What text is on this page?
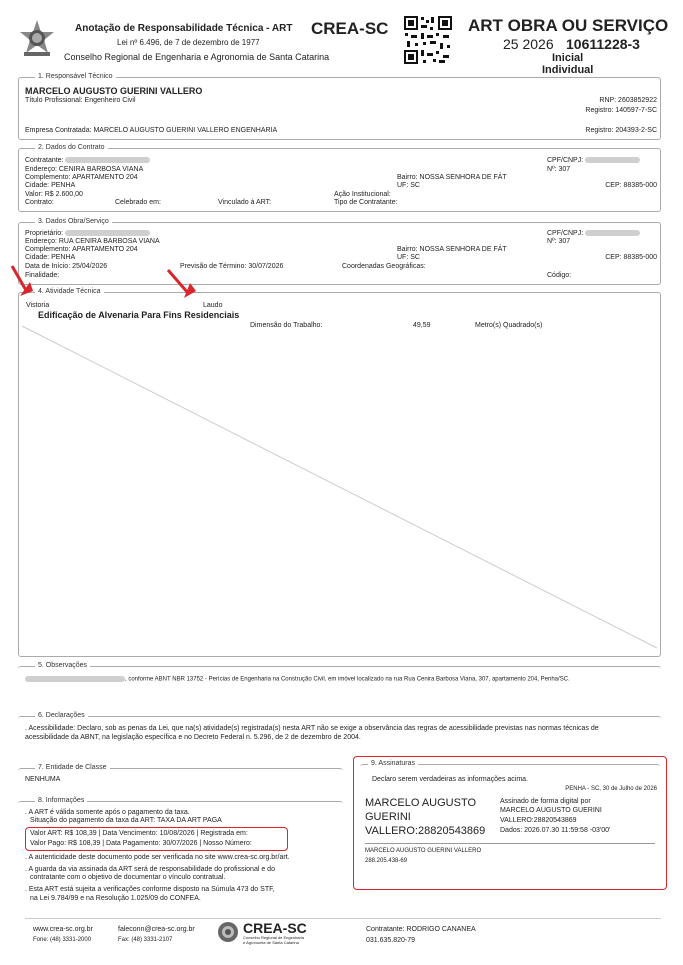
Anotação de Responsabilidade Técnica - ART
Lei nº 6.496, de 7 de dezembro de 1977
Conselho Regional de Engenharia e Agronomia de Santa Catarina
CREA-SC	ART OBRA OU SERVIÇO
25 2026 10611228-3
Inicial
Individual
1. Responsável Técnico
MARCELO AUGUSTO GUERINI VALLERO
Título Profissional: Engenheiro Civil	RNP: 2603852922
Registro: 140597-7-SC
Empresa Contratada: MARCELO AUGUSTO GUERINI VALLERO ENGENHARIA	Registro: 204393-2-SC
2. Dados do Contrato
Contratante:
Endereço: CENIRA BARBOSA VIANA
Complemento: APARTAMENTO 204
Cidade: PENHA
Valor: R$ 2.600,00
Contrato:	Celebrado em:	Vinculado à ART:
CPF/CNPJ:
Nº: 307
Bairro: NOSSA SENHORA DE FÁT
UF: SC	CEP: 88385-000
Ação Institucional:
Tipo de Contratante:
3. Dados Obra/Serviço
Proprietário:
Endereço: RUA CENIRA BARBOSA VIANA
Complemento: APARTAMENTO 204
Cidade: PENHA
Data de Início: 25/04/2026	Previsão de Término: 30/07/2026	Coordenadas Geográficas:
Finalidade:	Código:
CPF/CNPJ:
Nº: 307
Bairro: NOSSA SENHORA DE FÁT
UF: SC	CEP: 88385-000
4. Atividade Técnica
Vistoria	Laudo
Edificação de Alvenaria Para Fins Residenciais
Dimensão do Trabalho:	49,59	Metro(s) Quadrado(s)
5. Observações
, conforme ABNT NBR 13752 - Perícias de Engenharia na Construção Civil, em imóvel localizado na rua Rua Cenira Barbosa Viana, 307, apartamento 204, Penha/SC.
6. Declarações
. Acessibilidade: Declaro, sob as penas da Lei, que na(s) atividade(s) registrada(s) nesta ART não se exige a observância das regras de acessibilidade previstas nas normas técnicas de
acessibilidade da ABNT, na legislação específica e no Decreto Federal n. 5.296, de 2 de dezembro de 2004.
7. Entidade de Classe
NENHUMA
8. Informações
. A ART é válida somente após o pagamento da taxa.
Situação do pagamento da taxa da ART: TAXA DA ART PAGA
Valor ART: R$ 108,39 | Data Vencimento: 10/08/2026 | Registrada em:
Valor Pago: R$ 108,39 | Data Pagamento: 30/07/2026 | Nosso Número:
. A autenticidade deste documento pode ser verificada no site www.crea-sc.org.br/art.
. A guarda da via assinada da ART será de responsabilidade do profissional e do
contratante com o objetivo de documentar o vínculo contratual.
. Esta ART está sujeita a verificações conforme disposto na Súmula 473 do STF,
na Lei 9.784/99 e na Resolução 1.025/09 do CONFEA.
9. Assinaturas
Declaro serem verdadeiras as informações acima.
PENHA - SC, 30 de Julho de 2026
MARCELO AUGUSTO
GUERINI
VALLERO:28820543869
Assinado de forma digital por
MARCELO AUGUSTO GUERINI
VALLERO:28820543869
Dados: 2026.07.30 11:59:58 -03'00'
MARCELO AUGUSTO GUERINI VALLERO
288.205.438-69
www.crea-sc.org.br
Fone: (48) 3331-2000
faleconn@crea-sc.org.br
Fax: (48) 3331-2107
CREA-SC
Conselho Regional de Engenharia
e Agronomia de Santa Catarina
Contratante: RODRIGO CANANEA
031.635.820-79
